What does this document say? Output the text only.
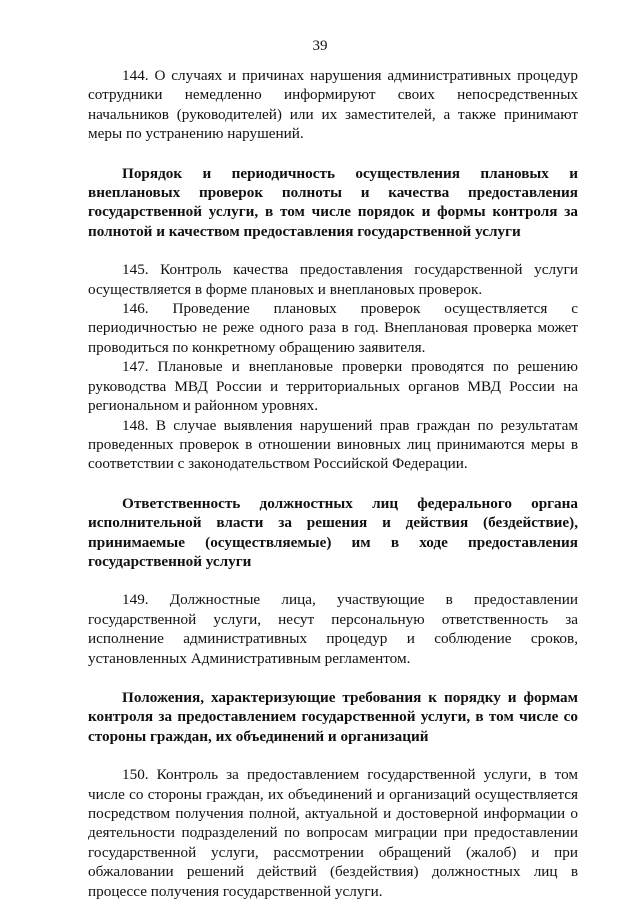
39

144. О случаях и причинах нарушения административных процедур сотрудники немедленно информируют своих непосредственных начальников (руководителей) или их заместителей, а также принимают меры по устранению нарушений.

Порядок и периодичность осуществления плановых и внеплановых проверок полноты и качества предоставления государственной услуги, в том числе порядок и формы контроля за полнотой и качеством предоставления государственной услуги

145. Контроль качества предоставления государственной услуги осуществляется в форме плановых и внеплановых проверок.

146. Проведение плановых проверок осуществляется с периодичностью не реже одного раза в год. Внеплановая проверка может проводиться по конкретному обращению заявителя.

147. Плановые и внеплановые проверки проводятся по решению руководства МВД России и территориальных органов МВД России на региональном и районном уровнях.

148. В случае выявления нарушений прав граждан по результатам проведенных проверок в отношении виновных лиц принимаются меры в соответствии с законодательством Российской Федерации.

Ответственность должностных лиц федерального органа исполнительной власти за решения и действия (бездействие), принимаемые (осуществляемые) им в ходе предоставления государственной услуги

149. Должностные лица, участвующие в предоставлении государственной услуги, несут персональную ответственность за исполнение административных процедур и соблюдение сроков, установленных Административным регламентом.

Положения, характеризующие требования к порядку и формам контроля за предоставлением государственной услуги, в том числе со стороны граждан, их объединений и организаций

150. Контроль за предоставлением государственной услуги, в том числе со стороны граждан, их объединений и организаций осуществляется посредством получения полной, актуальной и достоверной информации о деятельности подразделений по вопросам миграции при предоставлении государственной услуги, рассмотрении обращений (жалоб) и при обжаловании решений действий (бездействия) должностных лиц в процессе получения государственной услуги.
